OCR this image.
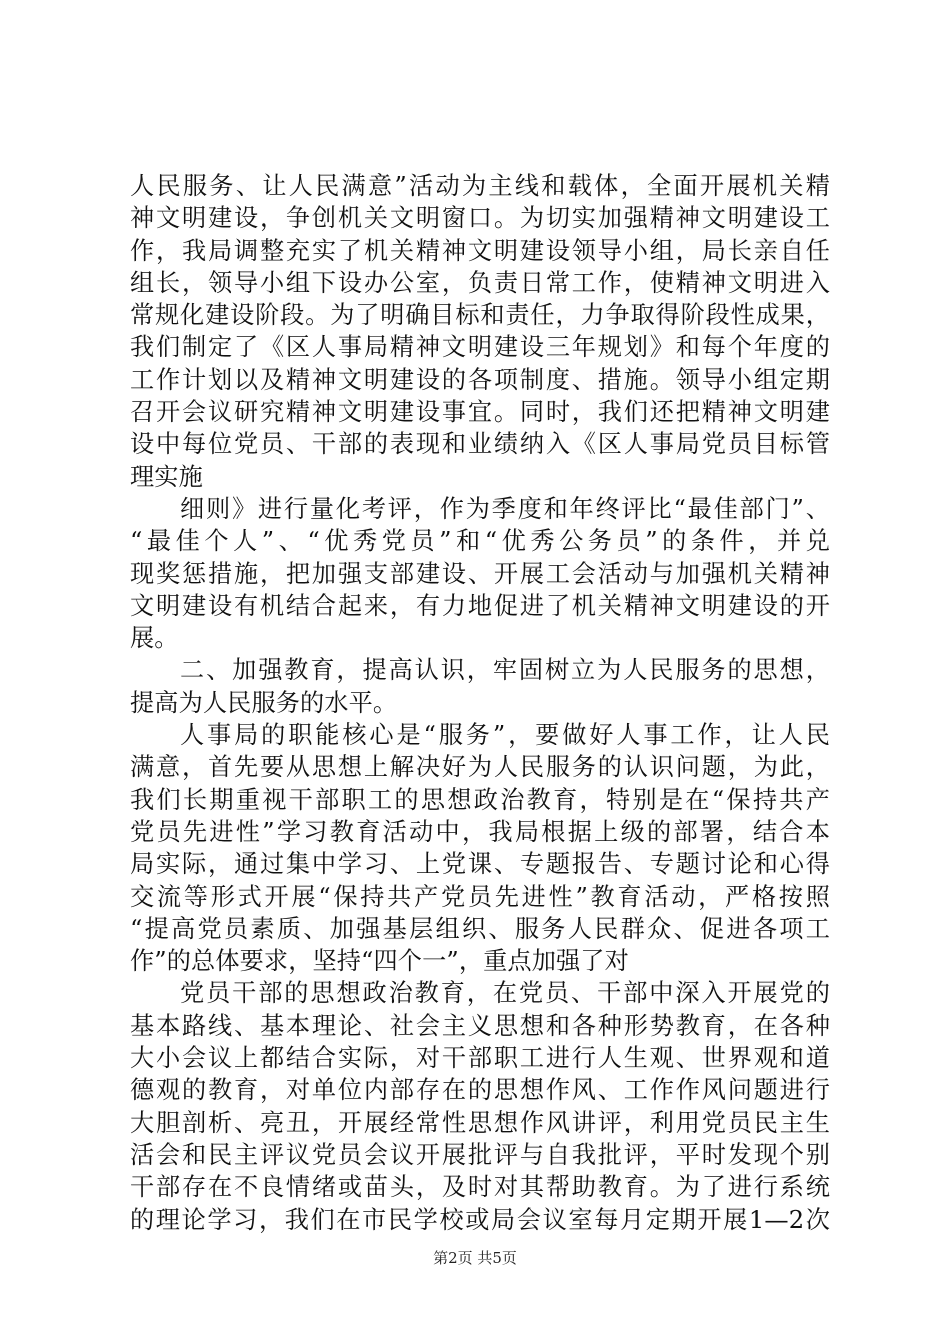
人民服务、让人民满意”活动为主线和载体，全面开展机关精
神文明建设，争创机关文明窗口。为切实加强精神文明建设工
作，我局调整充实了机关精神文明建设领导小组，局长亲自任
组长，领导小组下设办公室，负责日常工作，使精神文明进入
常规化建设阶段。为了明确目标和责任，力争取得阶段性成果，
我们制定了《区人事局精神文明建设三年规划》和每个年度的
工作计划以及精神文明建设的各项制度、措施。领导小组定期
召开会议研究精神文明建设事宜。同时，我们还把精神文明建
设中每位党员、干部的表现和业绩纳入《区人事局党员目标管
理实施
细则》进行量化考评，作为季度和年终评比“最佳部门”、
“最佳个人”、“优秀党员”和“优秀公务员”的条件，并兑
现奖惩措施，把加强支部建设、开展工会活动与加强机关精神
文明建设有机结合起来，有力地促进了机关精神文明建设的开
展。
二、加强教育，提高认识，牢固树立为人民服务的思想，
提高为人民服务的水平。
人事局的职能核心是“服务”，要做好人事工作，让人民
满意，首先要从思想上解决好为人民服务的认识问题，为此，
我们长期重视干部职工的思想政治教育，特别是在“保持共产
党员先进性”学习教育活动中，我局根据上级的部署，结合本
局实际，通过集中学习、上党课、专题报告、专题讨论和心得
交流等形式开展“保持共产党员先进性”教育活动，严格按照
“提高党员素质、加强基层组织、服务人民群众、促进各项工
作”的总体要求，坚持“四个一”，重点加强了对
党员干部的思想政治教育，在党员、干部中深入开展党的
基本路线、基本理论、社会主义思想和各种形势教育，在各种
大小会议上都结合实际，对干部职工进行人生观、世界观和道
德观的教育，对单位内部存在的思想作风、工作作风问题进行
大胆剖析、亮丑，开展经常性思想作风讲评，利用党员民主生
活会和民主评议党员会议开展批评与自我批评，平时发现个别
干部存在不良情绪或苗头，及时对其帮助教育。为了进行系统
的理论学习，我们在市民学校或局会议室每月定期开展1—2次
第2页 共5页
